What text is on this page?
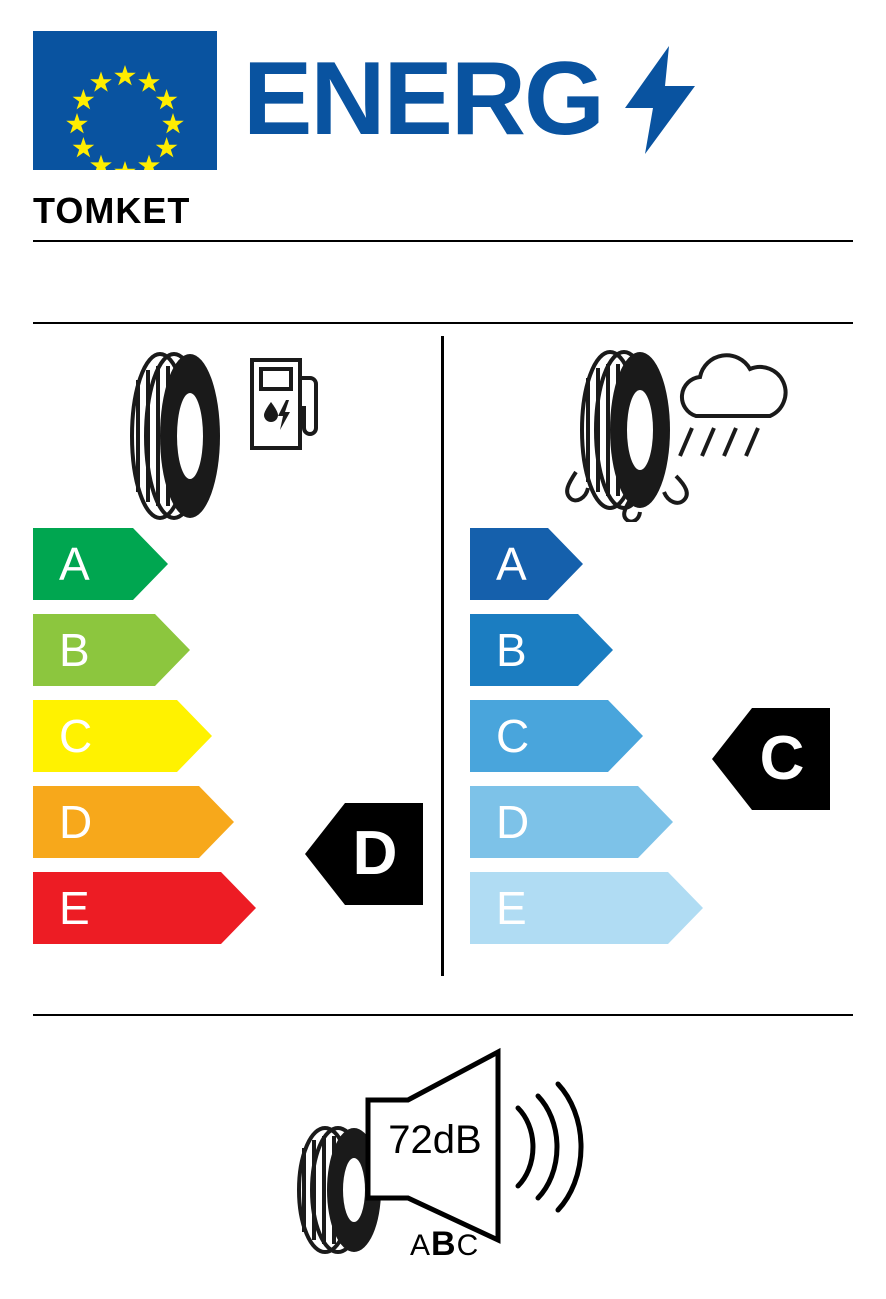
ENERG
TOMKET
A
B
C
D
E
A
B
C
D
E
D
C
72dB
ABC
